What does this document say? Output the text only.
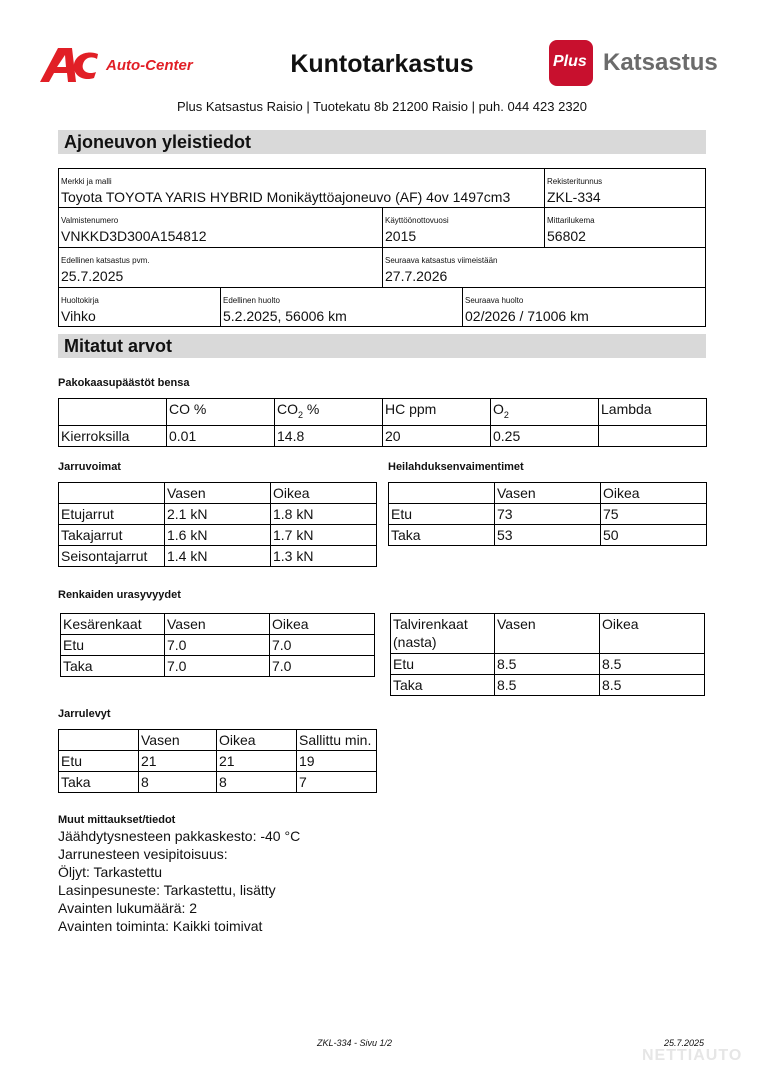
Auto-Center	Kuntotarkastus	Plus Katsastus
Plus Katsastus Raisio | Tuotekatu 8b 21200 Raisio | puh. 044 423 2320
Ajoneuvon yleistiedot
Merkki ja malli
Toyota TOYOTA YARIS HYBRID Monikäyttöajoneuvo (AF) 4ov 1497cm3
Rekisteritunnus
ZKL-334
Valmistenumero
VNKKD3D300A154812
Käyttöönottovuosi
2015
Mittarilukema
56802
Edellinen katsastus pvm.
25.7.2025
Seuraava katsastus viimeistään
27.7.2026
Huoltokirja
Vihko
Edellinen huolto
5.2.2025, 56006 km
Seuraava huolto
02/2026 / 71006 km
Mitatut arvot
Pakokaasupäästöt bensa
	CO %	$CO_2$ %	HC ppm	$O_2$	Lambda
Kierroksilla	0.01	14.8	20	0.25	
Jarruvoimat
	Vasen	Oikea
Etujarrut	2.1 kN	1.8 kN
Takajarrut	1.6 kN	1.7 kN
Seisontajarrut	1.4 kN	1.3 kN
Heilahduksenvaimentimet
	Vasen	Oikea
Etu	73	75
Taka	53	50
Renkaiden urasyvyydet
Kesärenkaat	Vasen	Oikea
Etu	7.0	7.0
Taka	7.0	7.0
Talvirenkaat
(nasta)	Vasen	Oikea
Etu	8.5	8.5
Taka	8.5	8.5
Jarrulevyt
	Vasen	Oikea	Sallittu min.
Etu	21	21	19
Taka	8	8	7
Muut mittaukset/tiedot
Jäähdytysnesteen pakkaskesto: -40 °C
Jarrunesteen vesipitoisuus:
Öljyt: Tarkastettu
Lasinpesuneste: Tarkastettu, lisätty
Avainten lukumäärä: 2
Avainten toiminta: Kaikki toimivat
ZKL-334 - Sivu 1/2	25.7.2025
NETTIAUTO
